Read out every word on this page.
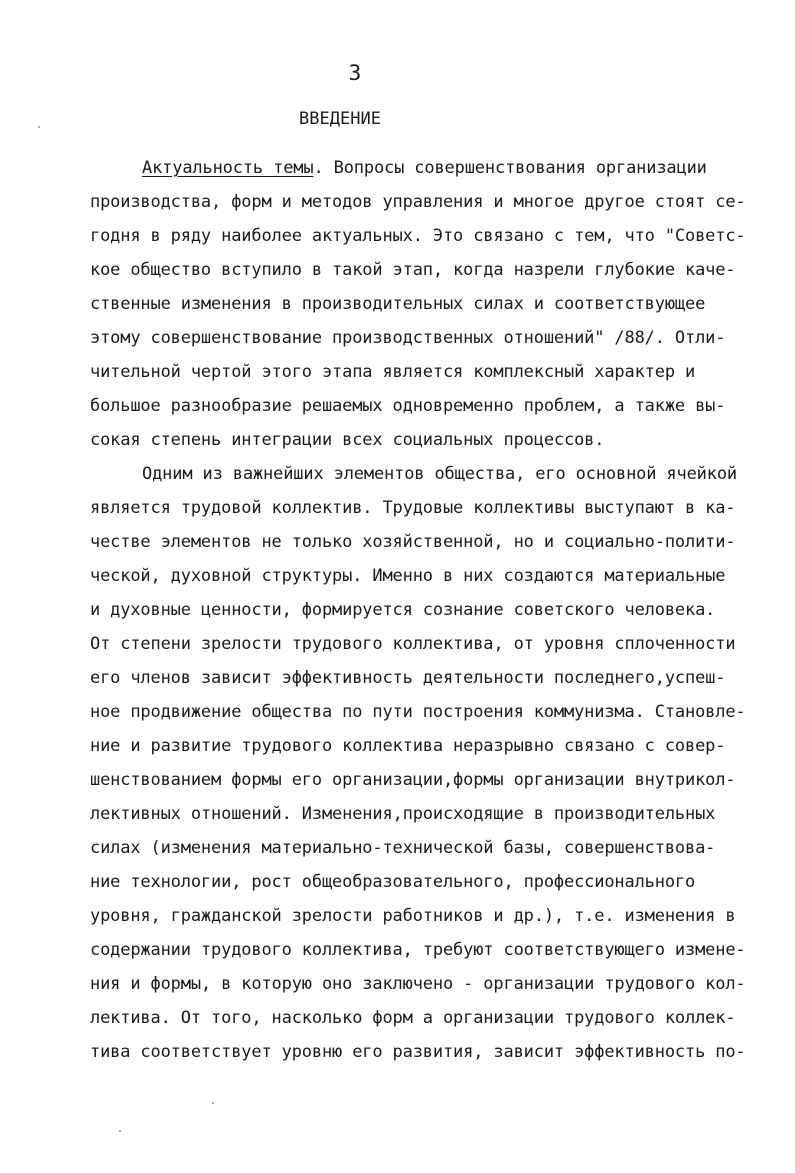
3
ВВЕДЕНИЕ
Актуальность темы. Вопросы совершенствования организации
производства, форм и методов управления и многое другое стоят се-
годня в ряду наиболее актуальных. Это связано с тем, что "Советс-
кое общество вступило в такой этап, когда назрели глубокие каче-
ственные изменения в производительных силах и соответствующее
этому совершенствование производственных отношений" /88/. Отли-
чительной чертой этого этапа является комплексный характер и
большое разнообразие решаемых одновременно проблем, а также вы-
сокая степень интеграции всех социальных процессов.
Одним из важнейших элементов общества, его основной ячейкой
является трудовой коллектив. Трудовые коллективы выступают в ка-
честве элементов не только хозяйственной, но и социально-полити-
ческой, духовной структуры. Именно в них создаются материальные
и духовные ценности, формируется сознание советского человека.
От степени зрелости трудового коллектива, от уровня сплоченности
его членов зависит эффективность деятельности последнего,успеш-
ное продвижение общества по пути построения коммунизма. Становле-
ние и развитие трудового коллектива неразрывно связано с совер-
шенствованием формы его организации,формы организации внутрикол-
лективных отношений. Изменения,происходящие в производительных
силах (изменения материально-технической базы, совершенствова-
ние технологии, рост общеобразовательного, профессионального
уровня, гражданской зрелости работников и др.), т.е. изменения в
содержании трудового коллектива, требуют соответствующего измене-
ния и формы, в которую оно заключено - организации трудового кол-
лектива. От того, насколько форм а организации трудового коллек-
тива соответствует уровню его развития, зависит эффективность по-
